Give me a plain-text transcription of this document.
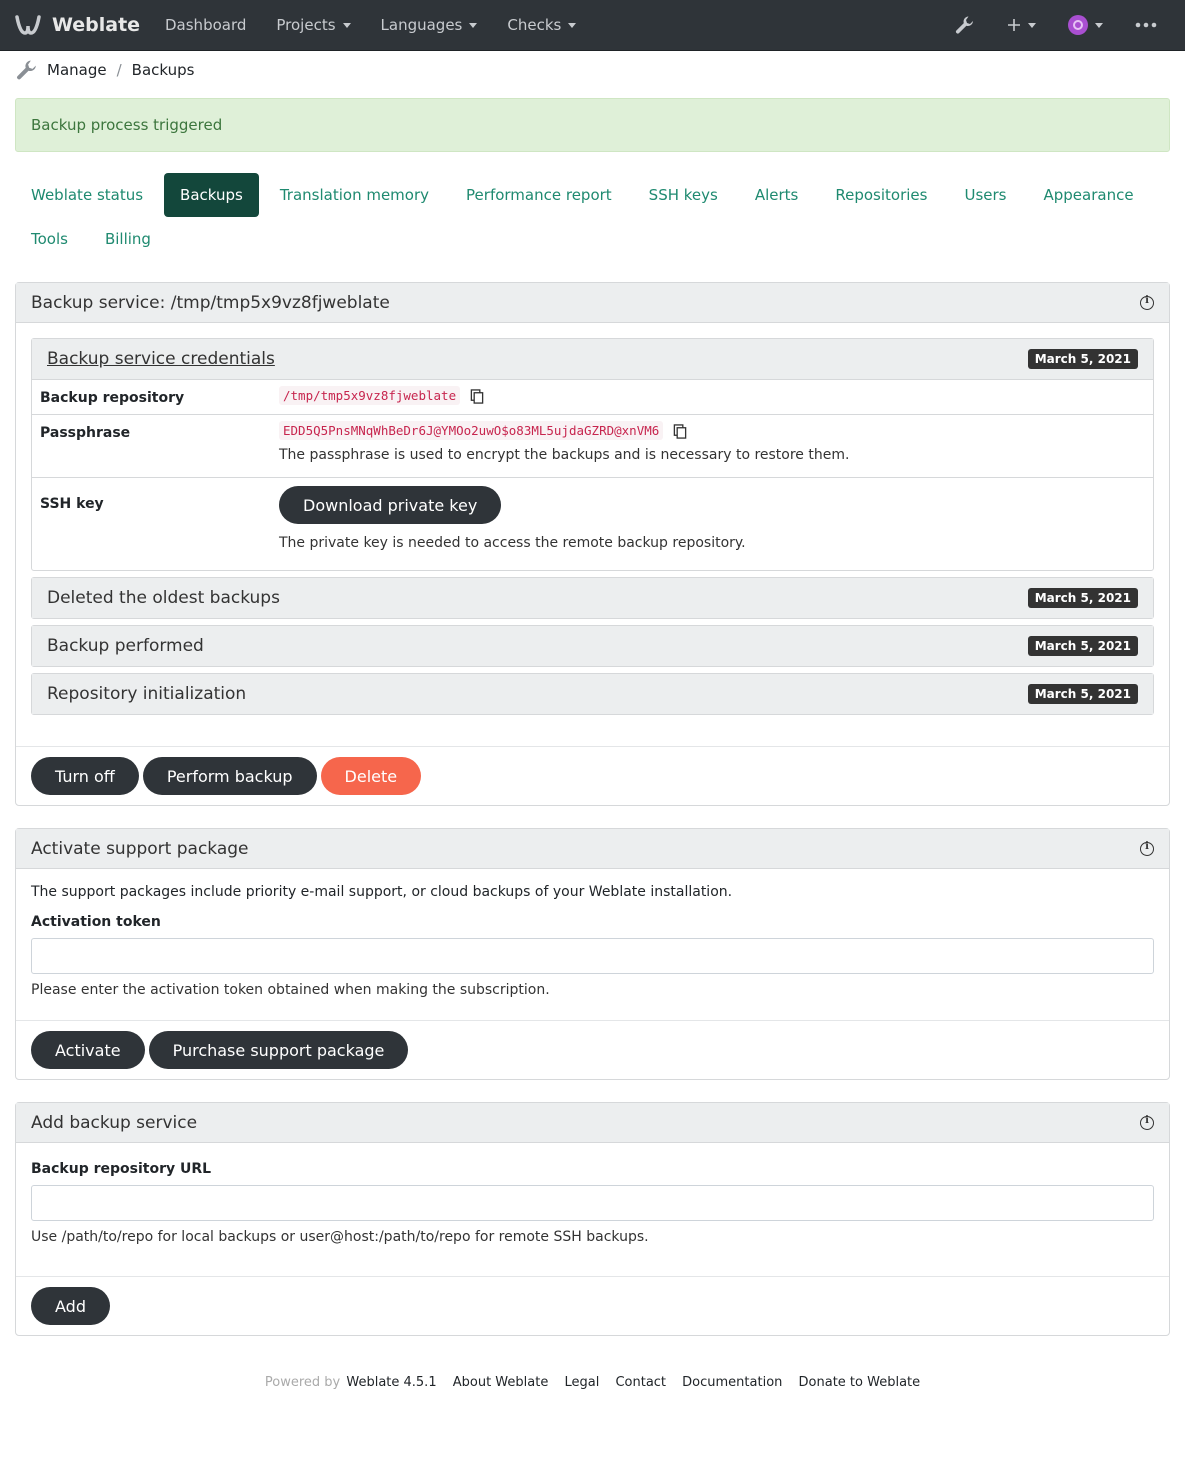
Weblate Dashboard Projects	Languages	Checks
Manage / Backups
Backup process triggered
Weblate status	Backups	Translation memory	Performance report	SSH keys	Alerts	Repositories	Users	Appearance
Tools	Billing
Backup service: /tmp/tmp5x9vz8fjweblate
i
Backup service credentials	March 5, 2021
Backup repository	/tmp/tmp5x9vz8fjweblate
Passphrase	EDD5Q5PnsMNqWhBeDr6J@YMOo2uwO$o83ML5ujdaGZRD@xnVM6
The passphrase is used to encrypt the backups and is necessary to restore them.
SSH key	Download private key
The private key is needed to access the remote backup repository.
Deleted the oldest backups	March 5, 2021
Backup performed	March 5, 2021
Repository initialization	March 5, 2021
Turn off	Perform backup	Delete
Activate support package
i
The support packages include priority e-mail support, or cloud backups of your Weblate installation.
Activation token
Please enter the activation token obtained when making the subscription.
Activate	Purchase support package
Add backup service
i
Backup repository URL
Use /path/to/repo for local backups or user@host:/path/to/repo for remote SSH backups.
Add
Powered by Weblate 4.5.1 About Weblate Legal Contact Documentation Donate to Weblate
